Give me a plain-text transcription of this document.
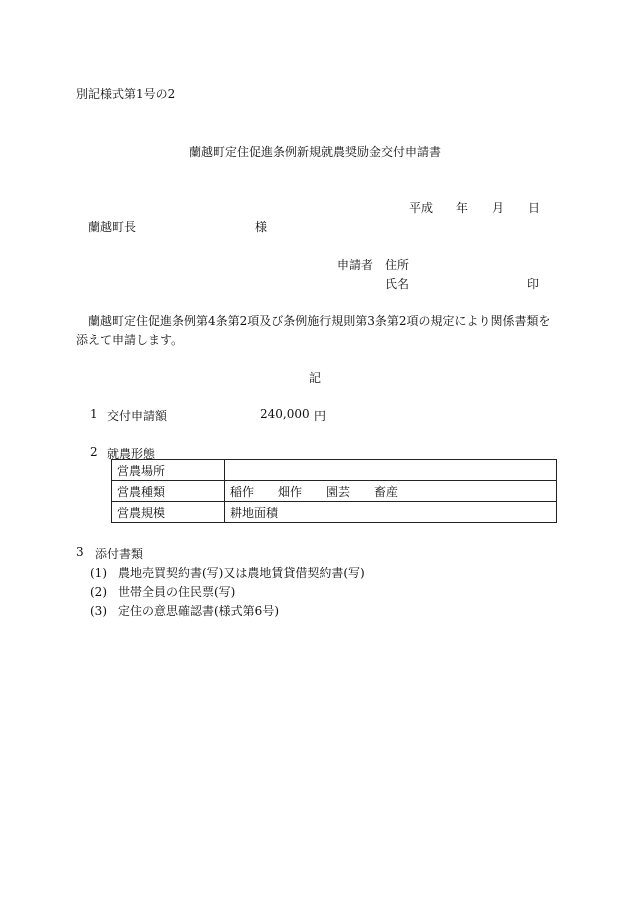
別記様式第1号の2
蘭越町定住促進条例新規就農奨励金交付申請書
平成 年 月 日
蘭越町長	様
申請者 住所
氏名	印
蘭越町定住促進条例第4条第2項及び条例施行規則第3条第2項の規定により関係書類を添えて申請します。
記
1 交付申請額	240,000 円
2 就農形態
営農場所	
営農種類	稲作 畑作 園芸 畜産
営農規模	耕地面積
3 添付書類
(1) 農地売買契約書(写)又は農地賃貸借契約書(写)
(2) 世帯全員の住民票(写)
(3) 定住の意思確認書(様式第6号)
